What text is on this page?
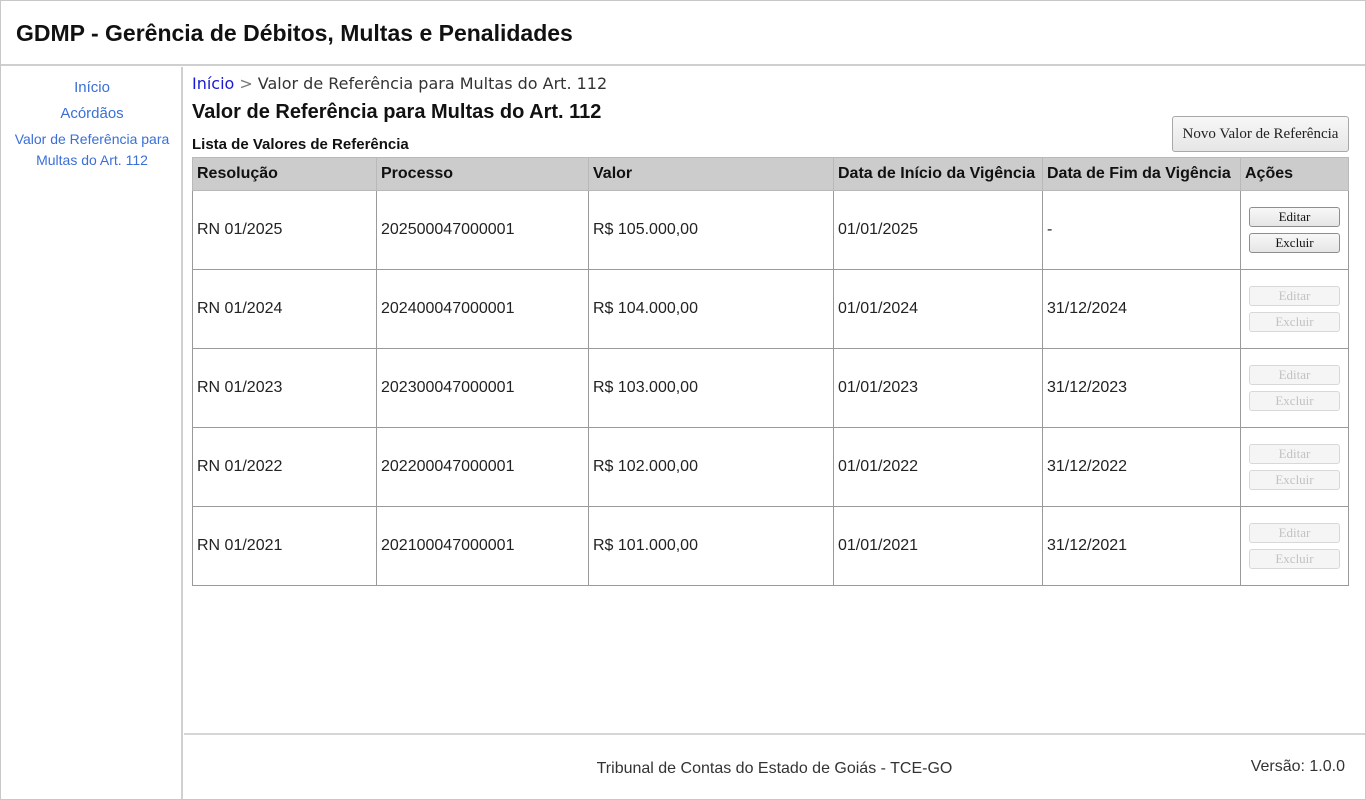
GDMP - Gerência de Débitos, Multas e Penalidades
Início
Acórdãos
Valor de Referência para Multas do Art. 112
Início > Valor de Referência para Multas do Art. 112
Valor de Referência para Multas do Art. 112
Lista de Valores de Referência
Novo Valor de Referência
Resolução	Processo	Valor	Data de Início da Vigência	Data de Fim da Vigência	Ações
RN 01/2025	202500047000001	R$ 105.000,00	01/01/2025	-	Editar
Excluir

RN 01/2024	202400047000001	R$ 104.000,00	01/01/2024	31/12/2024	Editar
Excluir

RN 01/2023	202300047000001	R$ 103.000,00	01/01/2023	31/12/2023	Editar
Excluir

RN 01/2022	202200047000001	R$ 102.000,00	01/01/2022	31/12/2022	Editar
Excluir

RN 01/2021	202100047000001	R$ 101.000,00	01/01/2021	31/12/2021	Editar
Excluir
Tribunal de Contas do Estado de Goiás - TCE-GO	Versão: 1.0.0
